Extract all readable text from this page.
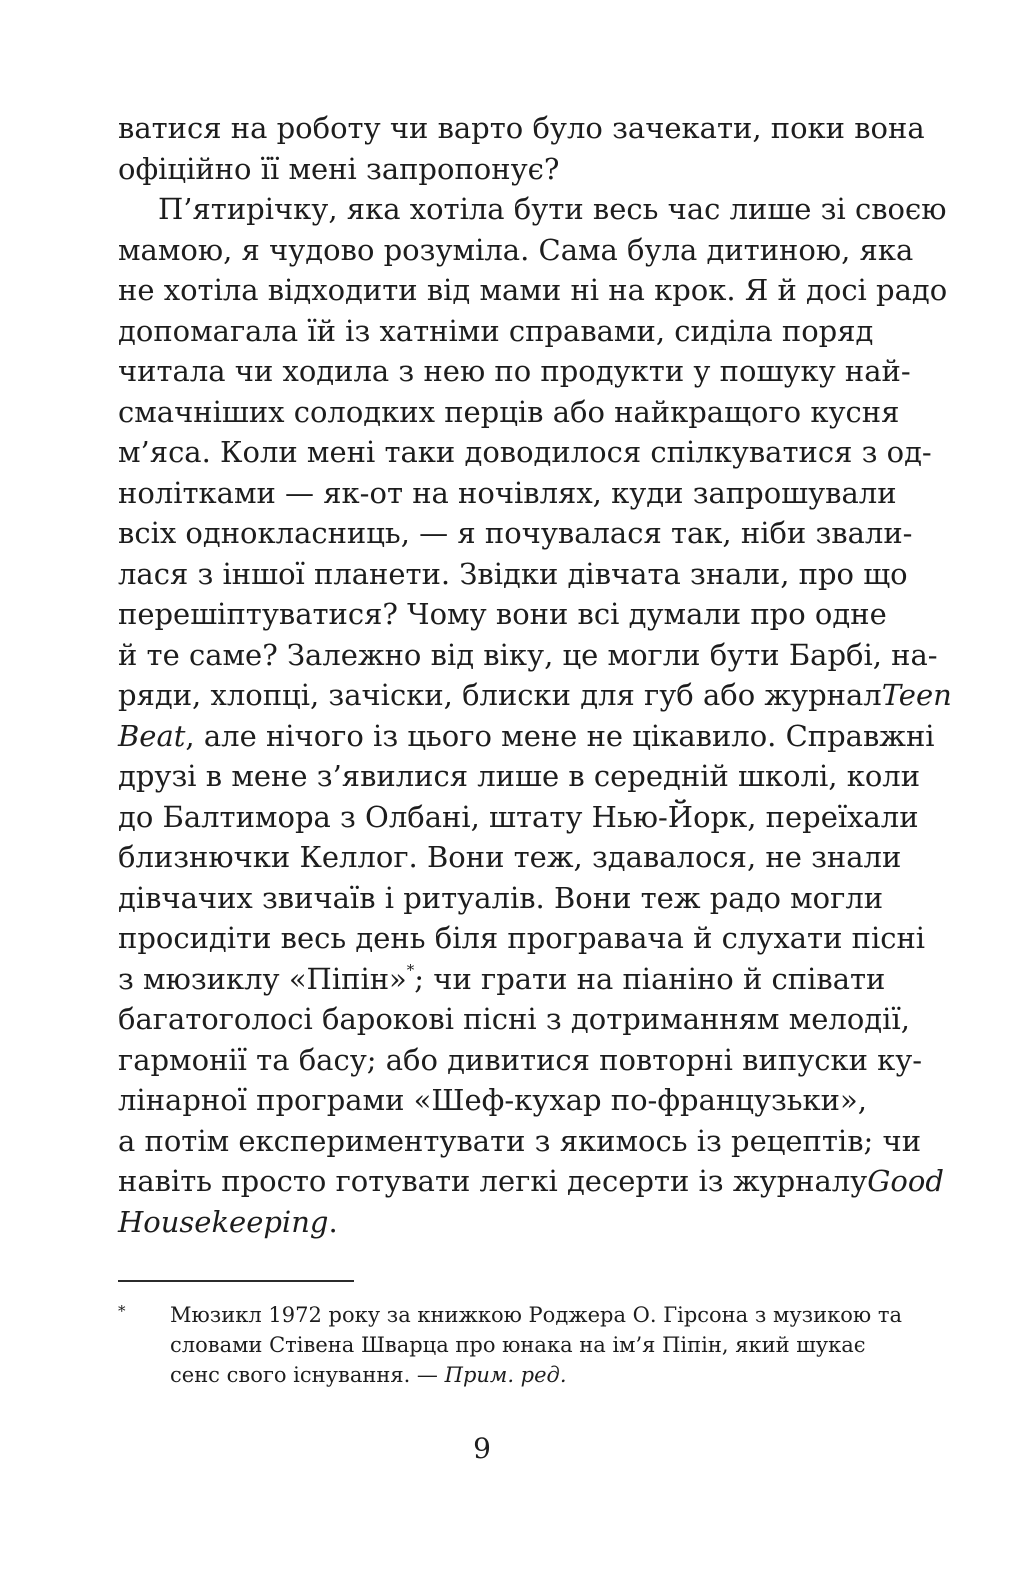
ватися на роботу чи варто було зачекати, поки вона
офіційно її мені запропонує?
П’ятирічку, яка хотіла бути весь час лише зі своєю
мамою, я чудово розуміла. Сама була дитиною, яка
не хотіла відходити від мами ні на крок. Я й досі радо
допомагала їй із хатніми справами, сиділа поряд
читала чи ходила з нею по продукти у пошуку най-
смачніших солодких перців або найкращого кусня
м’яса. Коли мені таки доводилося спілкуватися з од-
нолітками — як-от на ночівлях, куди запрошували
всіх однокласниць, — я почувалася так, ніби звали-
лася з іншої планети. Звідки дівчата знали, про що
перешіптуватися? Чому вони всі думали про одне
й те саме? Залежно від віку, це могли бути Барбі, на-
ряди, хлопці, зачіски, блиски для губ або журнал Teen
Beat, але нічого із цього мене не цікавило. Справжні
друзі в мене з’явилися лише в середній школі, коли
до Балтимора з Олбані, штату Нью-Йорк, переїхали
близнючки Келлог. Вони теж, здавалося, не знали
дівчачих звичаїв і ритуалів. Вони теж радо могли
просидіти весь день біля програвача й слухати пісні
з мюзиклу «Піпін»*; чи грати на піаніно й співати
багатоголосі барокові пісні з дотриманням мелодії,
гармонії та басу; або дивитися повторні випуски ку-
лінарної програми «Шеф-кухар по-французьки»,
а потім експериментувати з якимось із рецептів; чи
навіть просто готувати легкі десерти із журналу Good
Housekeeping .
* Мюзикл 1972 року за книжкою Роджера О. Гірсона з музикою та
словами Стівена Шварца про юнака на ім’я Піпін, який шукає
сенс свого існування. — Прим. ред.
9
